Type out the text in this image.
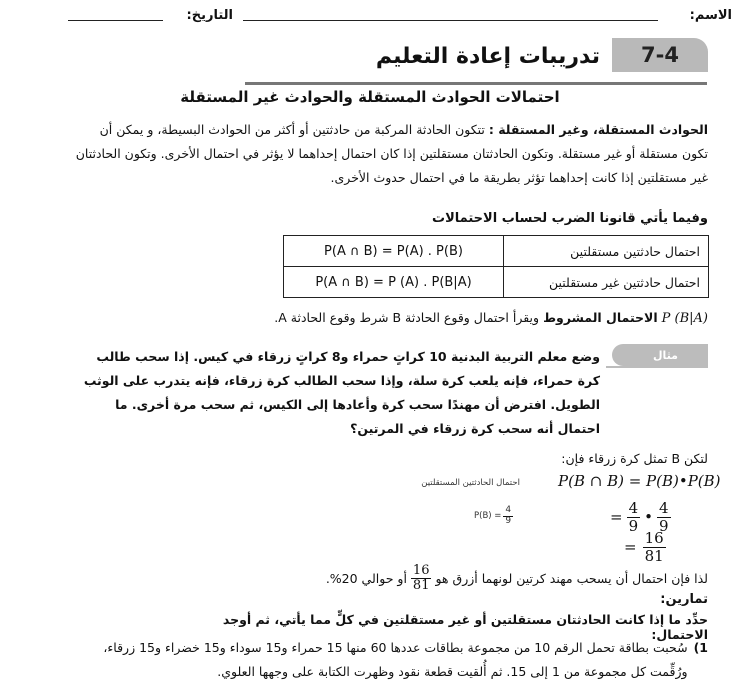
الاسم:
التاريخ:
7-4
تدريبات إعادة التعليم
احتمالات الحوادث المستقلة والحوادث غير المستقلة
الحوادث المستقلة، وغير المستقلة : تتكون الحادثة المركبة من حادثتين أو أكثر من الحوادث البسيطة، و يمكن أن تكون مستقلة أو غير مستقلة. وتكون الحادثتان مستقلتين إذا كان احتمال إحداهما لا يؤثر في احتمال الأخرى. وتكون الحادثتان غير مستقلتين إذا كانت إحداهما تؤثر بطريقة ما في احتمال حدوث الأخرى.
وفيما يأتي قانونا الضرب لحساب الاحتمالات
P(A ∩ B) = P(A) . P(B)	احتمال حادثتين مستقلتين
P(A ∩ B) = P (A) . P(B|A)	احتمال حادثتين غير مستقلتين
P (B|A) الاحتمال المشروط ويقرأ احتمال وقوع الحادثة B شرط وقوع الحادثة A.
مثال
وضع معلم التربية البدنية 10 كراتٍ حمراء و8 كراتٍ زرقاء في كيس. إذا سحب طالب كرة حمراء، فإنه يلعب كرة سلة، وإذا سحب الطالب كرة زرقاء، فإنه يتدرب على الوثب الطويل. افترض أن مهندًا سحب كرة وأعادها إلى الكيس، ثم سحب مرة أخرى. ما احتمال أنه سحب كرة زرقاء في المرتين؟
لتكن B تمثل كرة زرقاء فإن:
P(B ∩ B) = P(B)•P(B)
احتمال الحادثتين المستقلتين
$P(B) = \frac{4}{9}$	= $\frac{4}{9}$ • $\frac{4}{9}$
= $\frac{16}{81}$
لذا فإن احتمال أن يسحب مهند كرتين لونهما أزرق هو
$\frac{16}{81}$
أو حوالي 20%.
تمارين:
حدِّد ما إذا كانت الحادثتان مستقلتين أو غير مستقلتين في كلٍّ مما يأتي، ثم أوجد الاحتمال:
1)
سُحبت بطاقة تحمل الرقم 10 من مجموعة بطاقات عددها 60 منها 15 حمراء و15 سوداء و15 خضراء و15 زرقاء، ورُقِّمت كل مجموعة من 1 إلى 15. ثم أُلقيت قطعة نقود وظهرت الكتابة على وجهها العلوي.
